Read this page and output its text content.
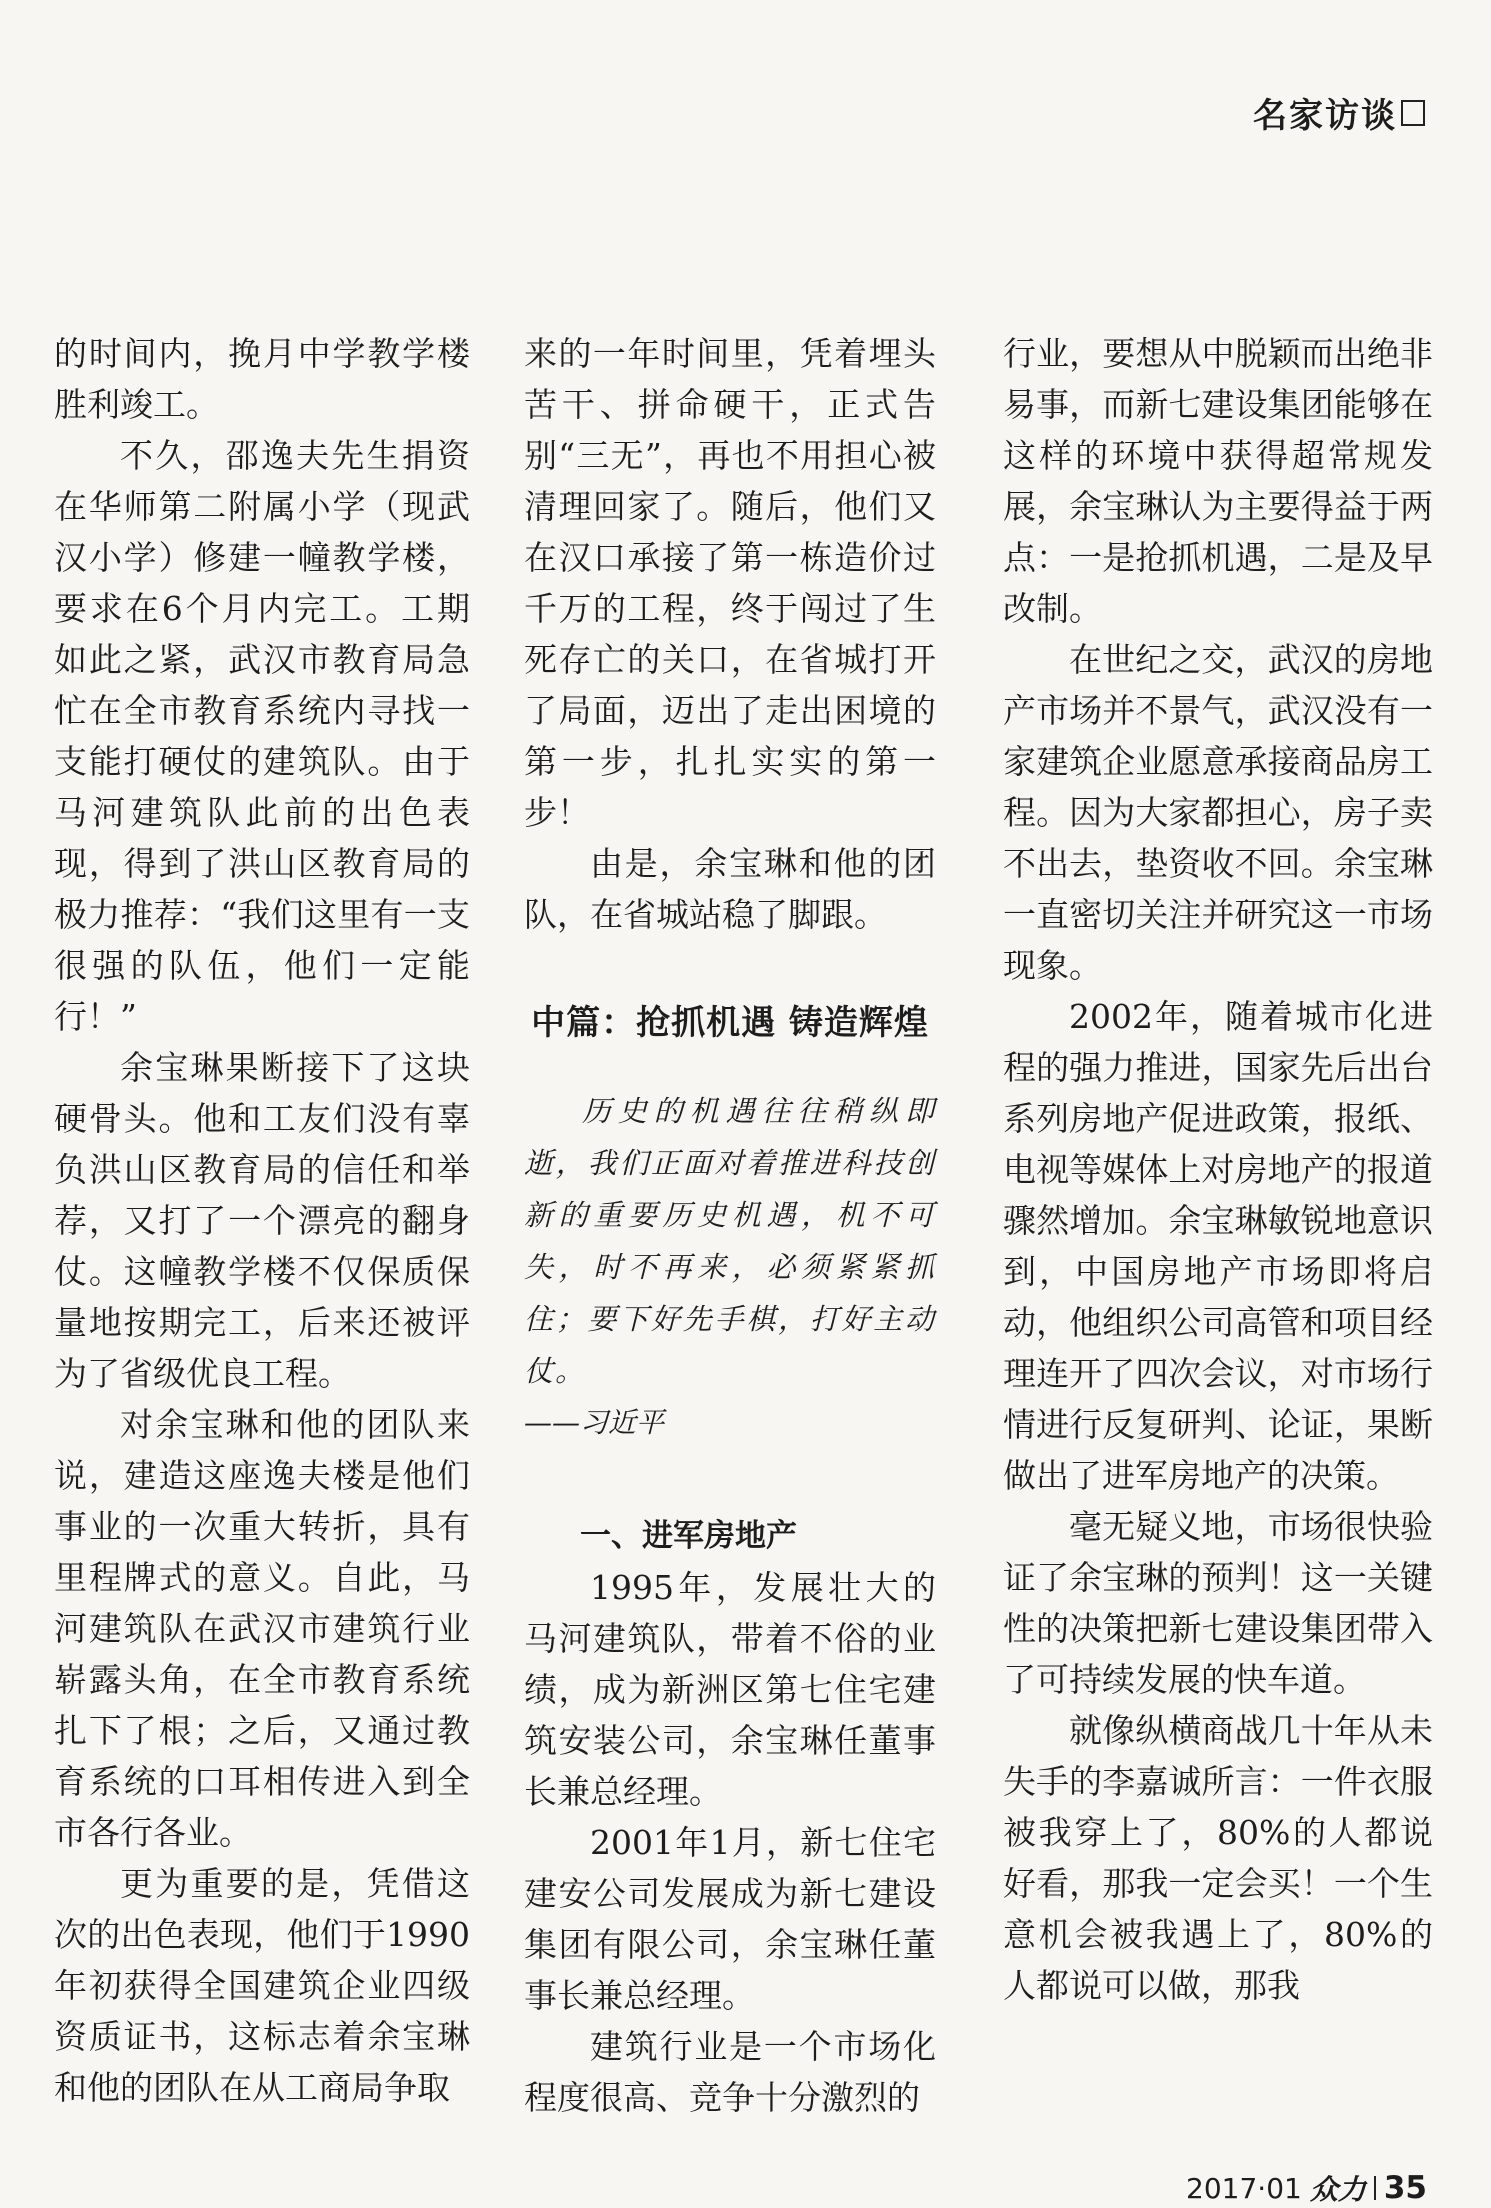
名家访谈

的时间内，挽月中学教学楼胜利竣工。

不久，邵逸夫先生捐资在华师第二附属小学（现武汉小学）修建一幢教学楼，要求在6个月内完工。工期如此之紧，武汉市教育局急忙在全市教育系统内寻找一支能打硬仗的建筑队。由于马河建筑队此前的出色表现，得到了洪山区教育局的极力推荐：“我们这里有一支很强的队伍，他们一定能行！”

余宝琳果断接下了这块硬骨头。他和工友们没有辜负洪山区教育局的信任和举荐，又打了一个漂亮的翻身仗。这幢教学楼不仅保质保量地按期完工，后来还被评为了省级优良工程。

对余宝琳和他的团队来说，建造这座逸夫楼是他们事业的一次重大转折，具有里程牌式的意义。自此，马河建筑队在武汉市建筑行业崭露头角，在全市教育系统扎下了根；之后，又通过教育系统的口耳相传进入到全市各行各业。

更为重要的是，凭借这次的出色表现，他们于1990年初获得全国建筑企业四级资质证书，这标志着余宝琳和他的团队在从工商局争取

来的一年时间里，凭着埋头苦干、拼命硬干，正式告别“三无”，再也不用担心被清理回家了。随后，他们又在汉口承接了第一栋造价过千万的工程，终于闯过了生死存亡的关口，在省城打开了局面，迈出了走出困境的第一步，扎扎实实的第一步！

由是，余宝琳和他的团队，在省城站稳了脚跟。

中篇：抢抓机遇 铸造辉煌

历史的机遇往往稍纵即逝，我们正面对着推进科技创新的重要历史机遇，机不可失，时不再来，必须紧紧抓住；要下好先手棋，打好主动仗。

——习近平

一、进军房地产

1995年，发展壮大的马河建筑队，带着不俗的业绩，成为新洲区第七住宅建筑安装公司，余宝琳任董事长兼总经理。

2001年1月，新七住宅建安公司发展成为新七建设集团有限公司，余宝琳任董事长兼总经理。

建筑行业是一个市场化程度很高、竞争十分激烈的

行业，要想从中脱颖而出绝非易事，而新七建设集团能够在这样的环境中获得超常规发展，余宝琳认为主要得益于两点：一是抢抓机遇，二是及早改制。

在世纪之交，武汉的房地产市场并不景气，武汉没有一家建筑企业愿意承接商品房工程。因为大家都担心，房子卖不出去，垫资收不回。余宝琳一直密切关注并研究这一市场现象。

2002年，随着城市化进程的强力推进，国家先后出台系列房地产促进政策，报纸、电视等媒体上对房地产的报道骤然增加。余宝琳敏锐地意识到，中国房地产市场即将启动，他组织公司高管和项目经理连开了四次会议，对市场行情进行反复研判、论证，果断做出了进军房地产的决策。

毫无疑义地，市场很快验证了余宝琳的预判！这一关键性的决策把新七建设集团带入了可持续发展的快车道。

就像纵横商战几十年从未失手的李嘉诚所言：一件衣服被我穿上了，80%的人都说好看，那我一定会买！一个生意机会被我遇上了，80%的人都说可以做，那我

2017·01 众力 35
